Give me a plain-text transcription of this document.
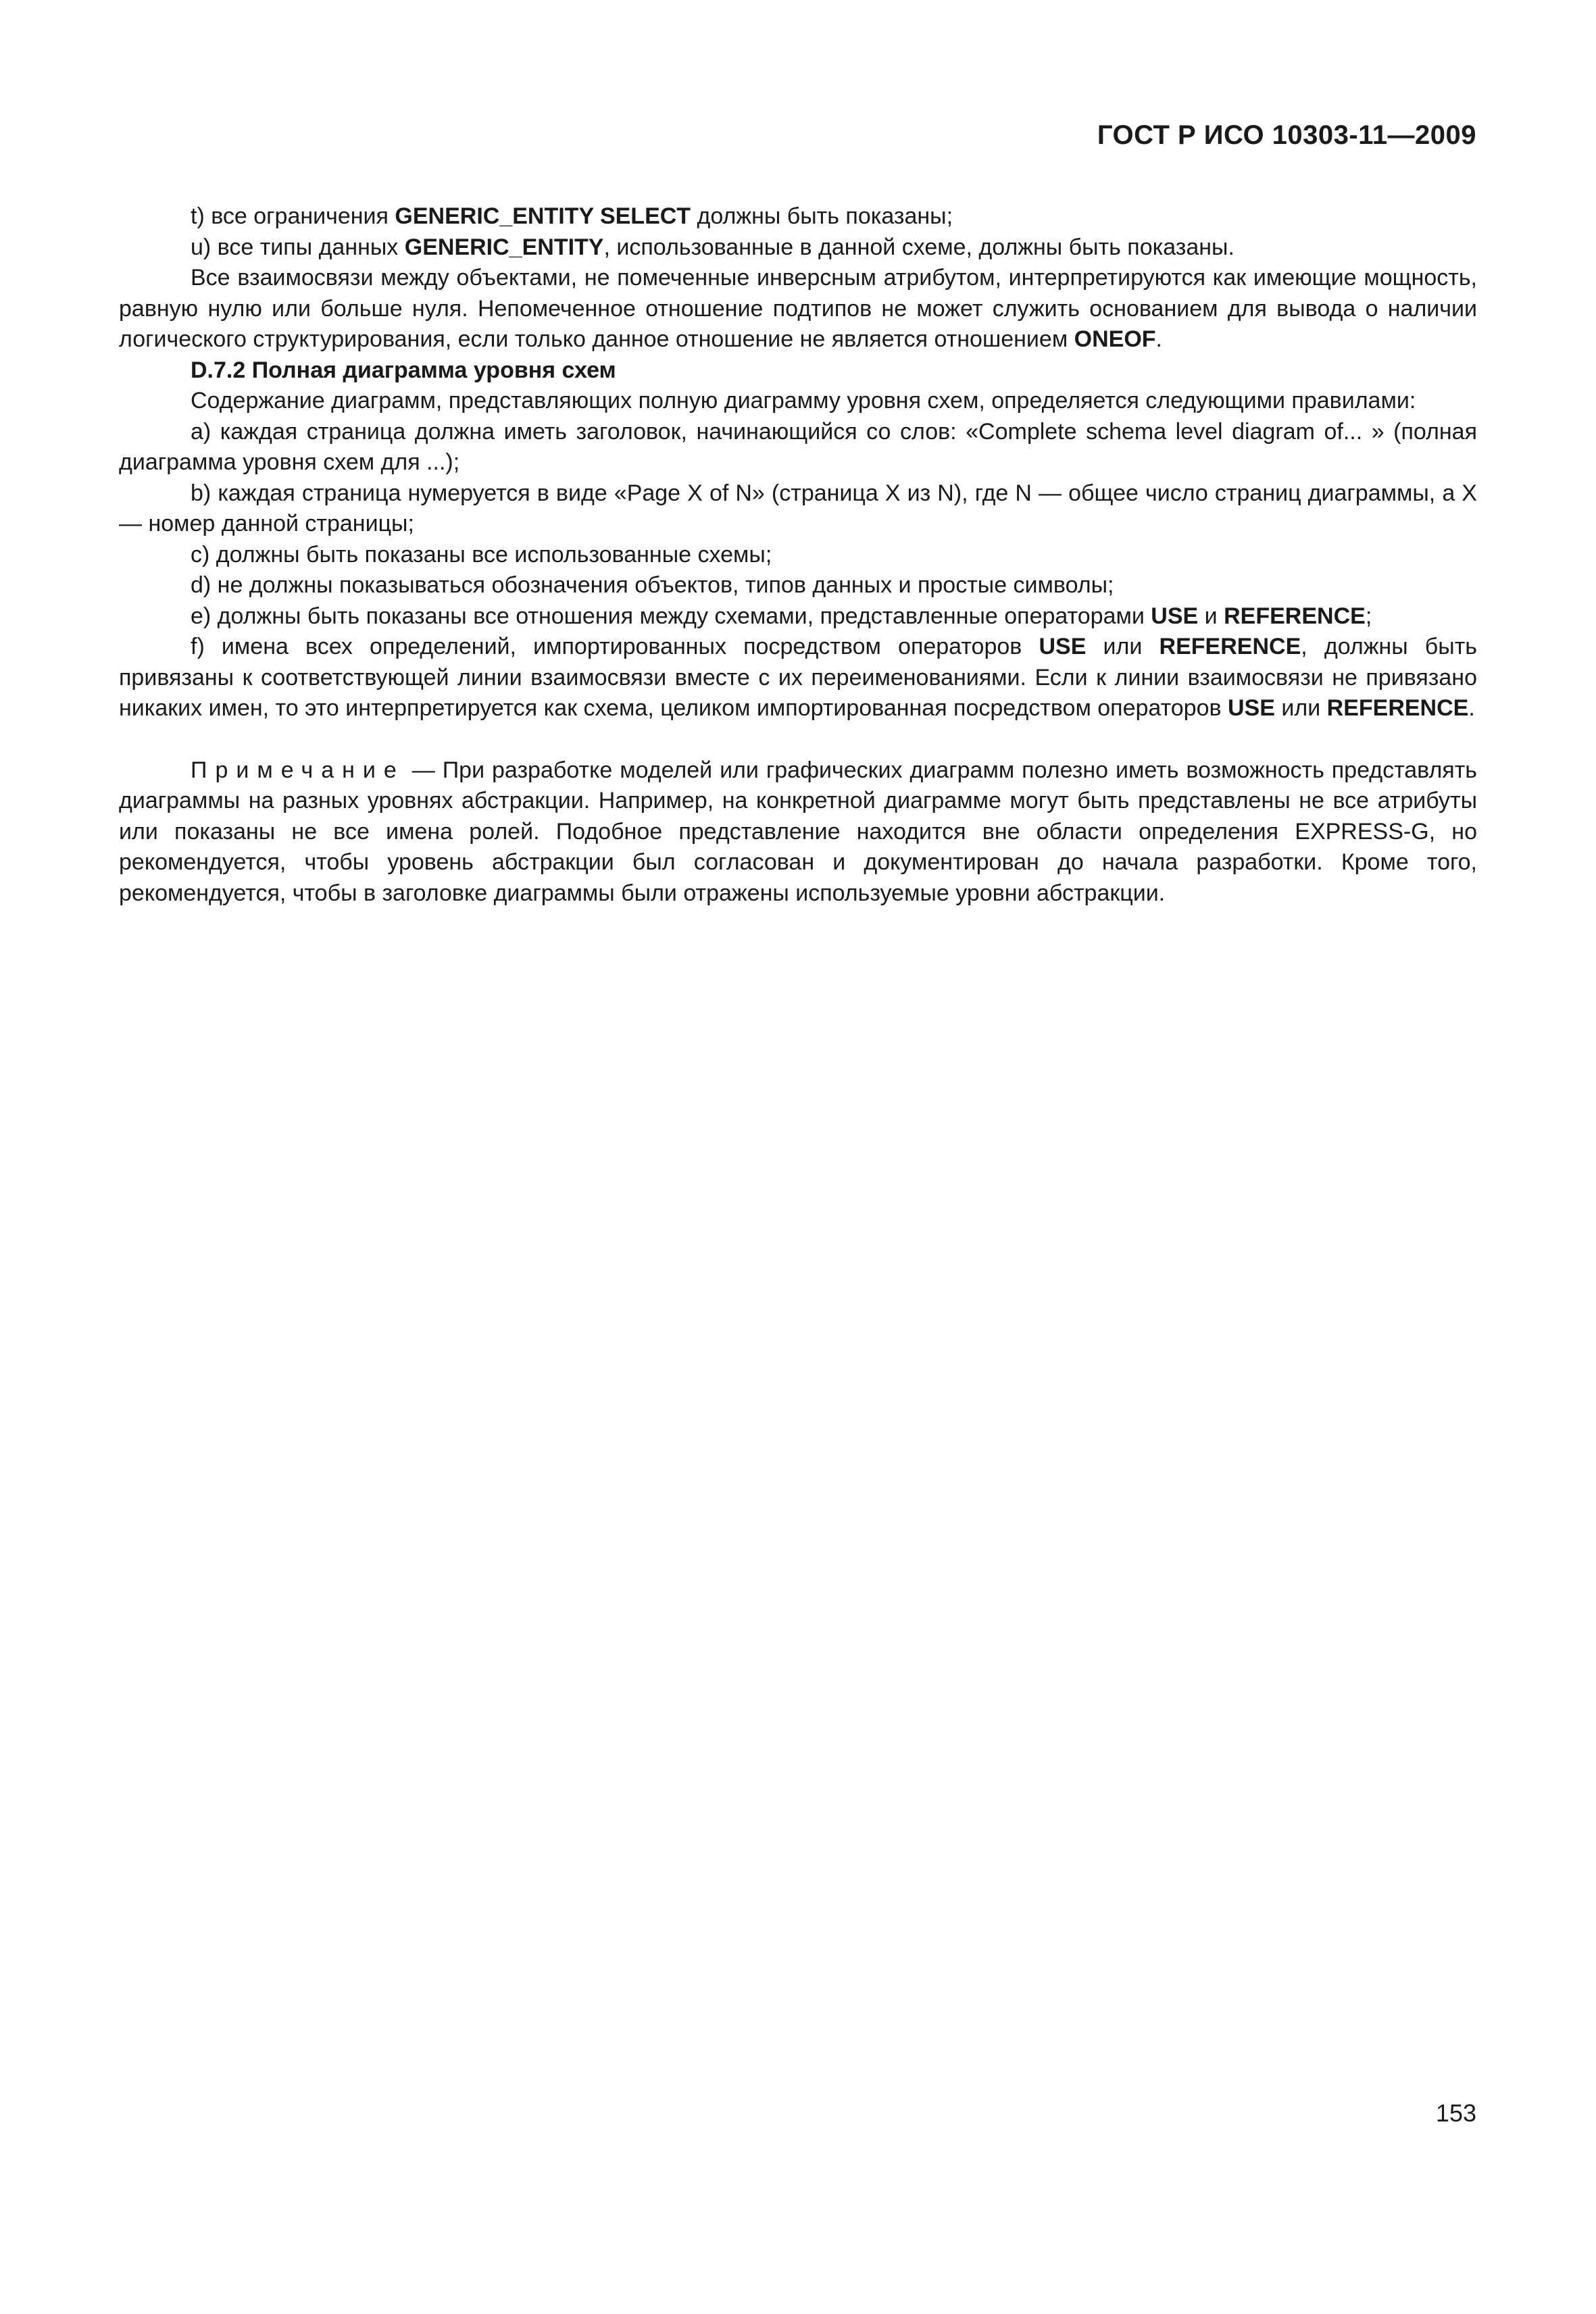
ГОСТ Р ИСО 10303-11—2009

t) все ограничения GENERIC_ENTITY SELECT должны быть показаны;

u) все типы данных GENERIC_ENTITY, использованные в данной схеме, должны быть показаны.

Все взаимосвязи между объектами, не помеченные инверсным атрибутом, интерпретируются как имеющие мощность, равную нулю или больше нуля. Непомеченное отношение подтипов не может служить основанием для вывода о наличии логического структурирования, если только данное отношение не является отношением ONEOF.

D.7.2 Полная диаграмма уровня схем

Содержание диаграмм, представляющих полную диаграмму уровня схем, определяется следующими правилами:

a) каждая страница должна иметь заголовок, начинающийся со слов: «Complete schema level diagram of... » (полная диаграмма уровня схем для ...);

b) каждая страница нумеруется в виде «Page X of N» (страница X из N), где N — общее число страниц диаграммы, а X — номер данной страницы;

c) должны быть показаны все использованные схемы;

d) не должны показываться обозначения объектов, типов данных и простые символы;

e) должны быть показаны все отношения между схемами, представленные операторами USE и REFERENCE;

f) имена всех определений, импортированных посредством операторов USE или REFERENCE, должны быть привязаны к соответствующей линии взаимосвязи вместе с их переименованиями. Если к линии взаимосвязи не привязано никаких имен, то это интерпретируется как схема, целиком импортированная посредством операторов USE или REFERENCE.

Примечание — При разработке моделей или графических диаграмм полезно иметь возможность представлять диаграммы на разных уровнях абстракции. Например, на конкретной диаграмме могут быть представлены не все атрибуты или показаны не все имена ролей. Подобное представление находится вне области определения EXPRESS-G, но рекомендуется, чтобы уровень абстракции был согласован и документирован до начала разработки. Кроме того, рекомендуется, чтобы в заголовке диаграммы были отражены используемые уровни абстракции.

153
